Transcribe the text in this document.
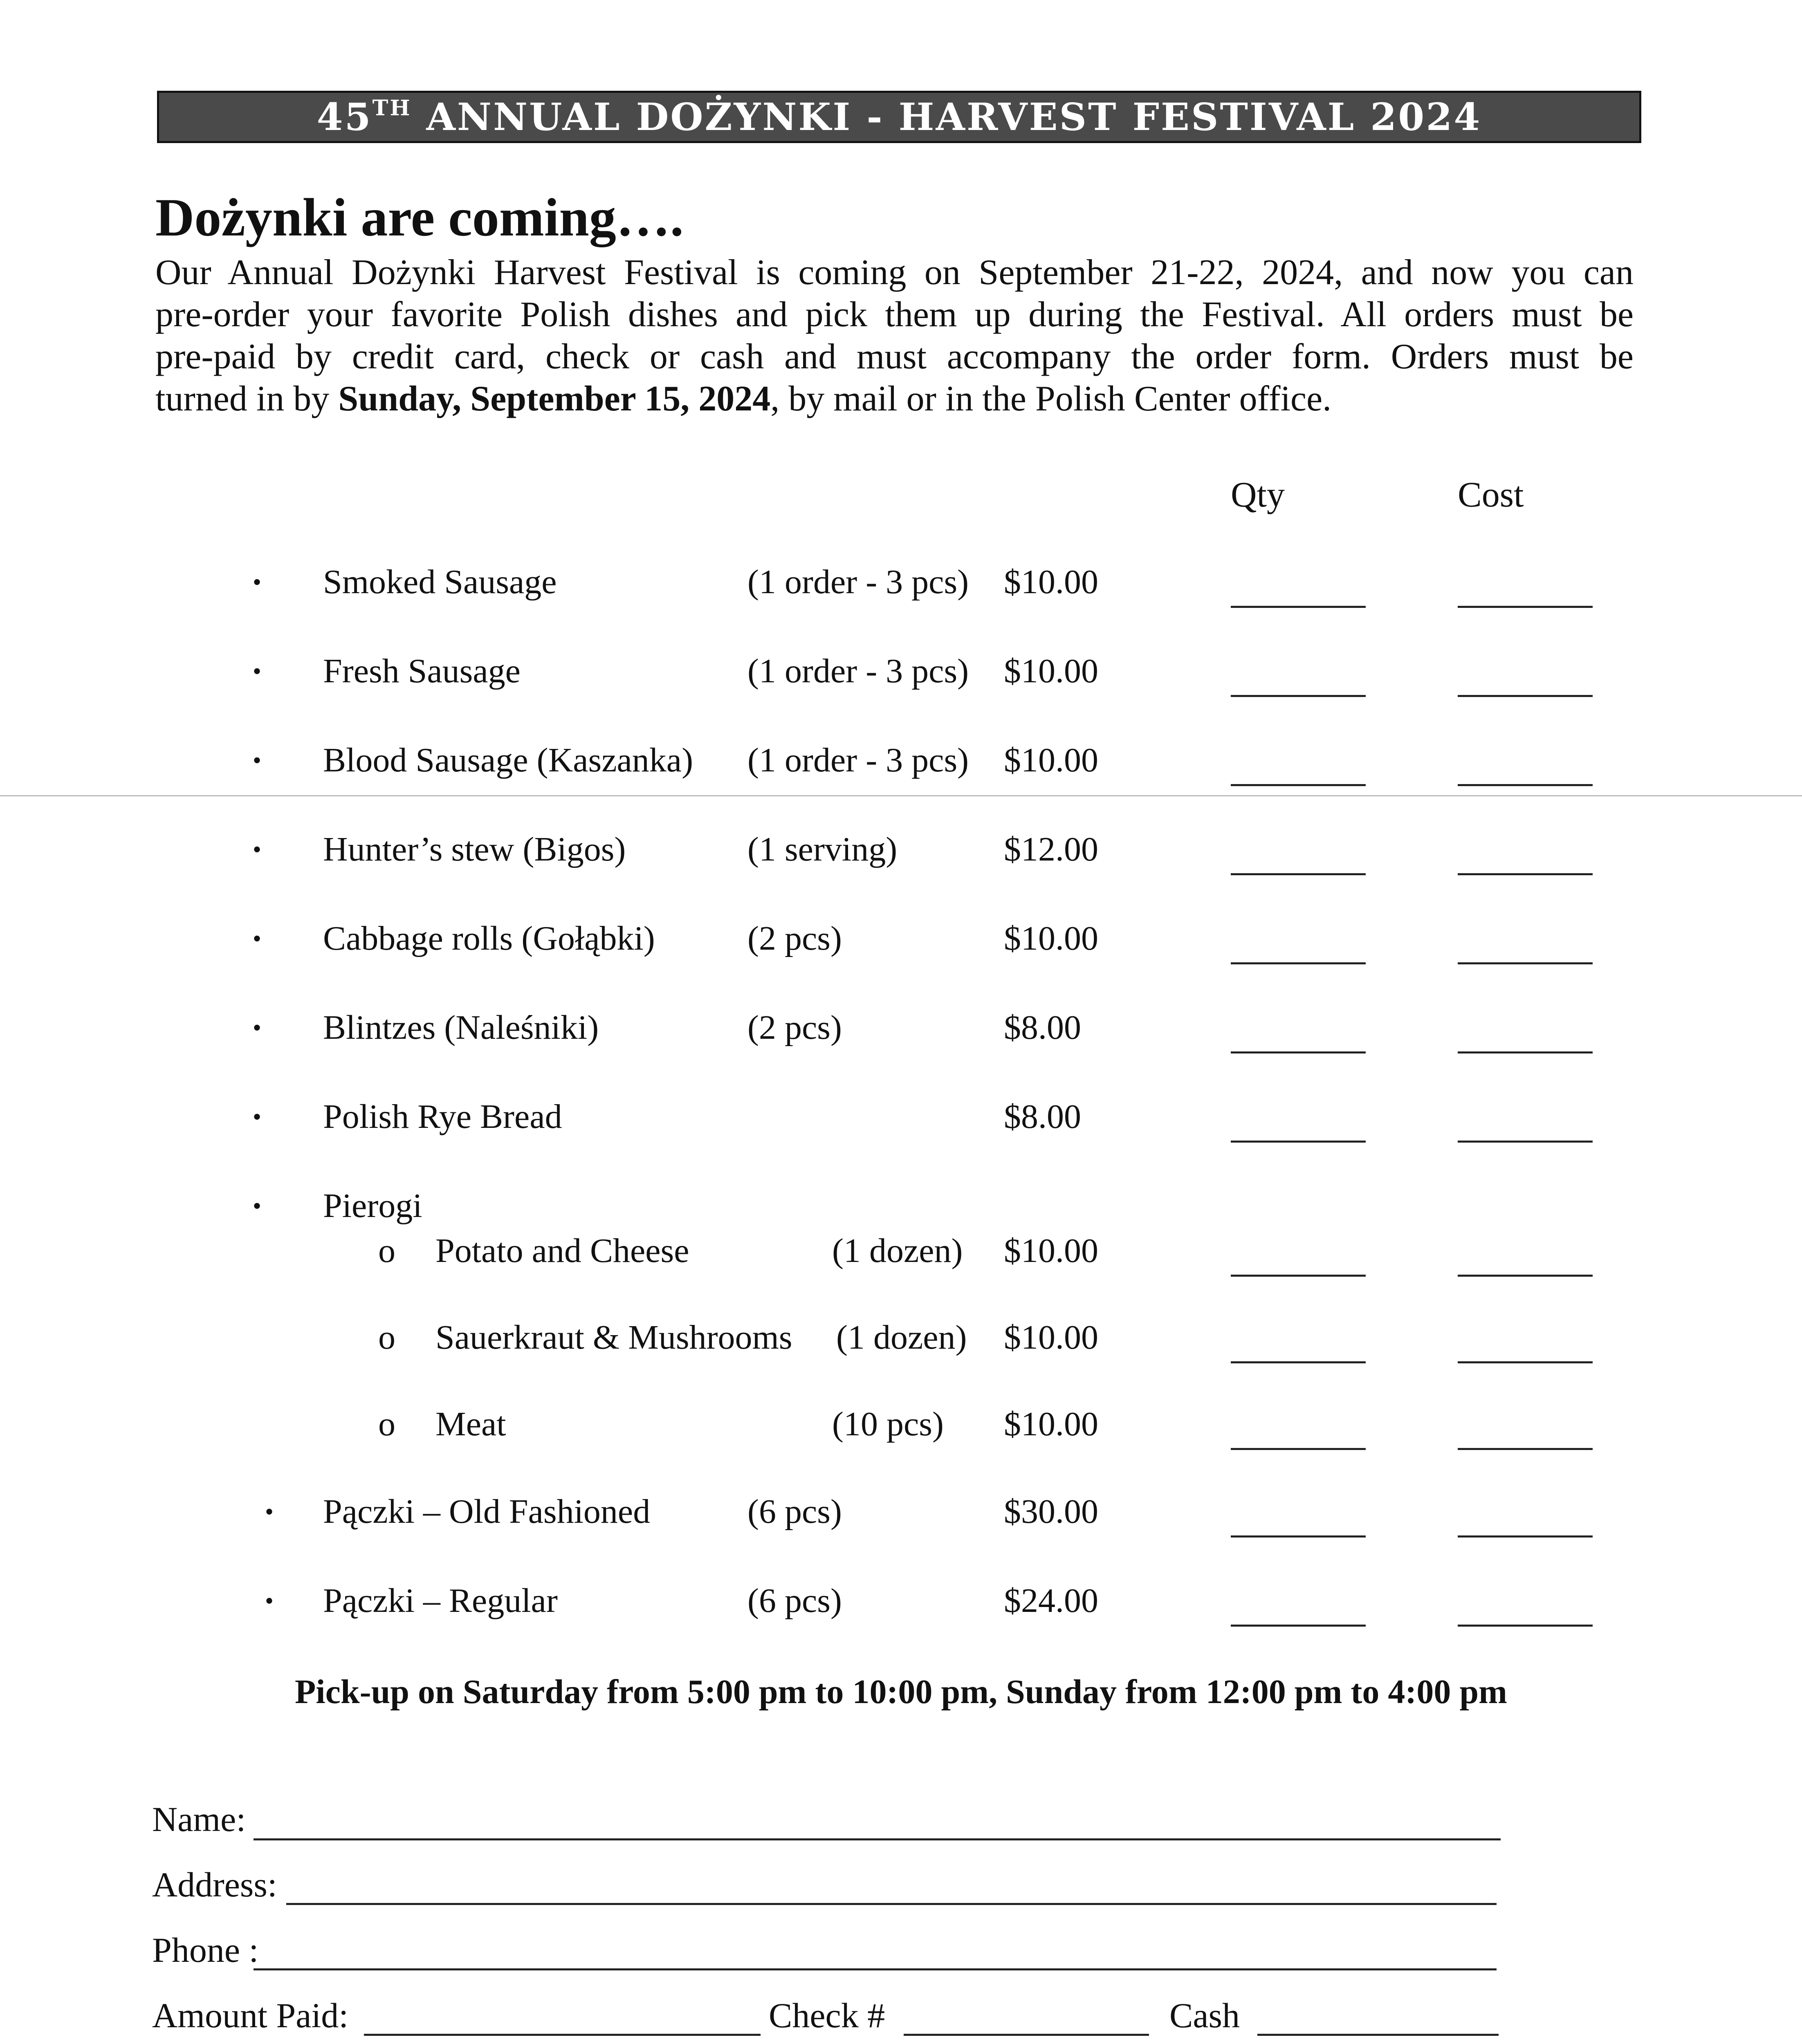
45TH ANNUAL DOŻYNKI - HARVEST FESTIVAL 2024
Dożynki are coming….
Our Annual Dożynki Harvest Festival is coming on September 21-22, 2024, and now you can
pre-order your favorite Polish dishes and pick them up during the Festival. All orders must be
pre-paid by credit card, check or cash and must accompany the order form. Orders must be
turned in by Sunday, September 15, 2024, by mail or in the Polish Center office.
Qty	Cost
• Smoked Sausage	(1 order - 3 pcs) $10.00
• Fresh Sausage	(1 order - 3 pcs) $10.00
• Blood Sausage (Kaszanka) (1 order - 3 pcs) $10.00
• Hunter’s stew (Bigos)	(1 serving)	$12.00
• Cabbage rolls (Gołąbki)	(2 pcs)	$10.00
• Blintzes (Naleśniki)	(2 pcs)	$8.00
• Polish Rye Bread	$8.00
• Pierogi
o Potato and Cheese	(1 dozen) $10.00
o Sauerkraut & Mushrooms (1 dozen) $10.00
o Meat	(10 pcs) $10.00
• Pączki – Old Fashioned	(6 pcs)	$30.00
• Pączki – Regular	(6 pcs)	$24.00
Pick-up on Saturday from 5:00 pm to 10:00 pm, Sunday from 12:00 pm to 4:00 pm
Name:
Address:
Phone :
Amount Paid:	Check #	Cash
